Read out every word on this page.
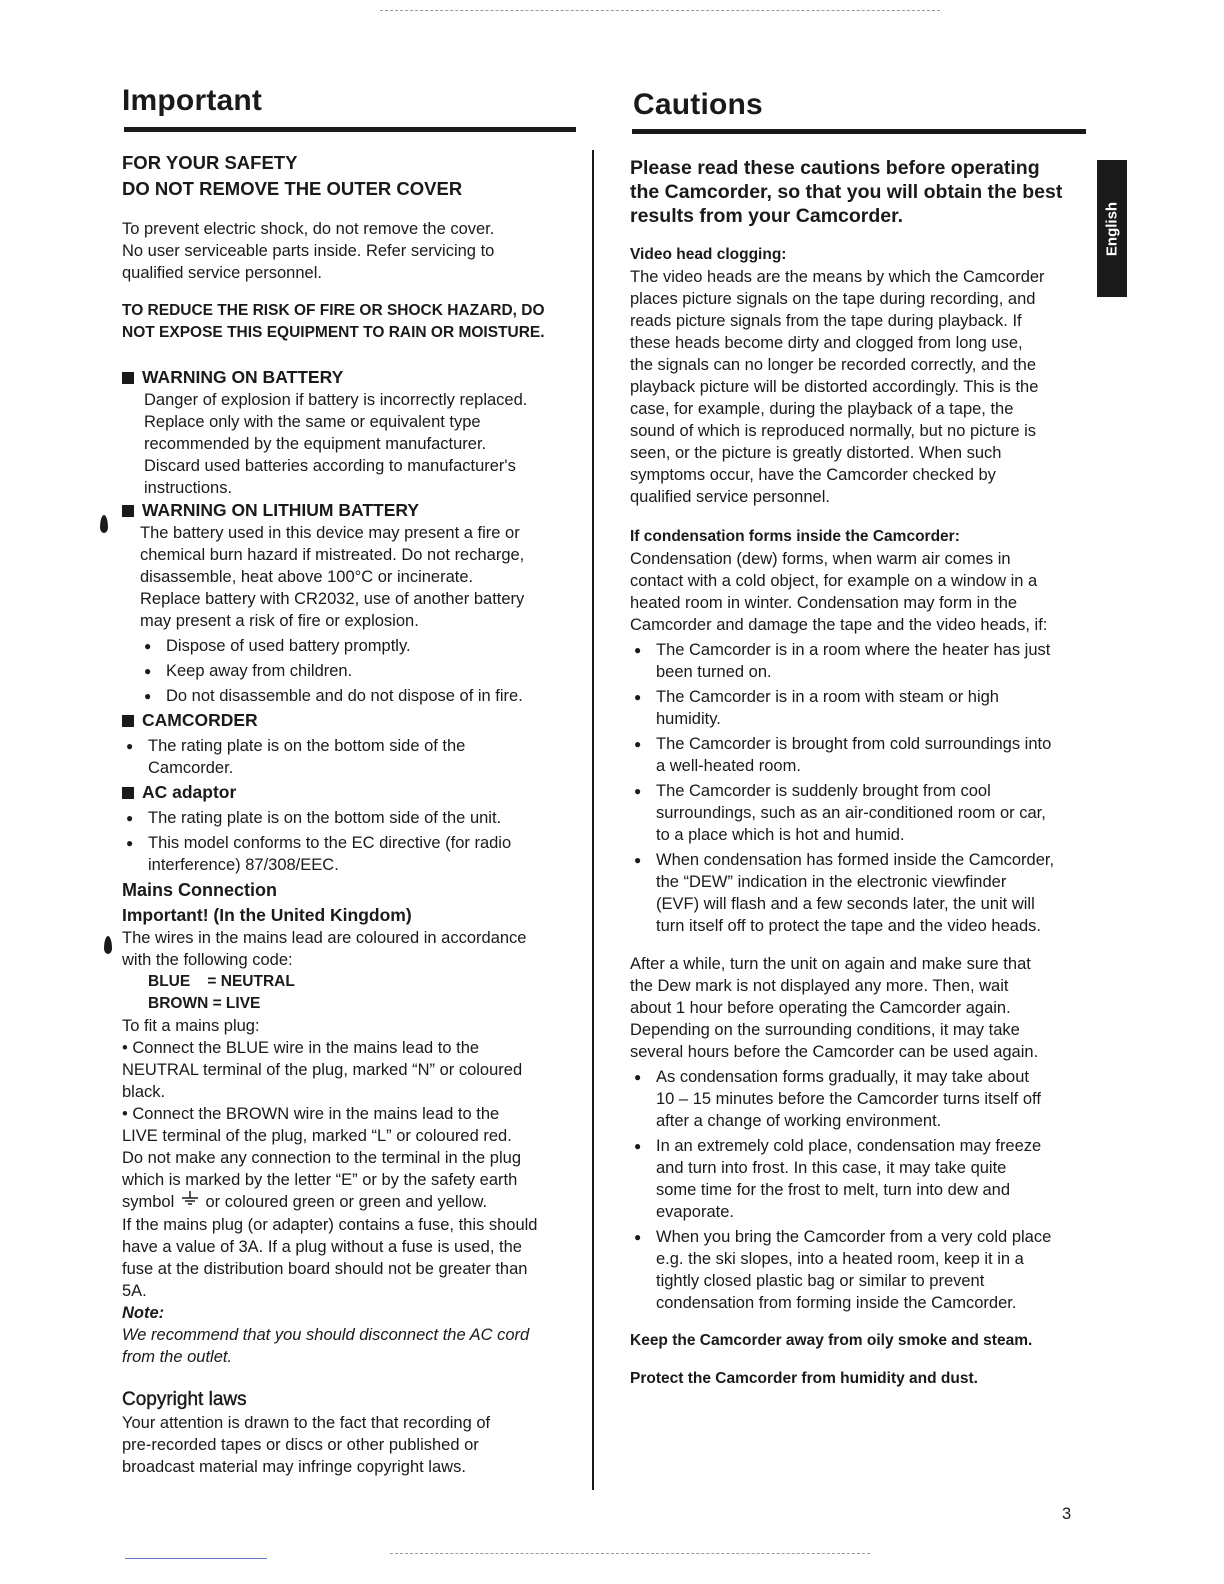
Important

FOR YOUR SAFETY

DO NOT REMOVE THE OUTER COVER

To prevent electric shock, do not remove the cover.

No user serviceable parts inside. Refer servicing to

qualified service personnel.

TO REDUCE THE RISK OF FIRE OR SHOCK HAZARD, DO

NOT EXPOSE THIS EQUIPMENT TO RAIN OR MOISTURE.

WARNING ON BATTERY

Danger of explosion if battery is incorrectly replaced.

Replace only with the same or equivalent type

recommended by the equipment manufacturer.

Discard used batteries according to manufacturer's

instructions.

WARNING ON LITHIUM BATTERY

The battery used in this device may present a fire or

chemical burn hazard if mistreated. Do not recharge,

disassemble, heat above 100°C or incinerate.

Replace battery with CR2032, use of another battery

may present a risk of fire or explosion.

● Dispose of used battery promptly.

● Keep away from children.

● Do not disassemble and do not dispose of in fire.

CAMCORDER

● The rating plate is on the bottom side of the
Camcorder.

AC adaptor

● The rating plate is on the bottom side of the unit.

● This model conforms to the EC directive (for radio
interference) 87/308/EEC.

Mains Connection

Important! (In the United Kingdom)

The wires in the mains lead are coloured in accordance

with the following code:

BLUE    = NEUTRAL

BROWN = LIVE

To fit a mains plug:

• Connect the BLUE wire in the mains lead to the

NEUTRAL terminal of the plug, marked “N” or coloured

black.

• Connect the BROWN wire in the mains lead to the

LIVE terminal of the plug, marked “L” or coloured red.

Do not make any connection to the terminal in the plug

which is marked by the letter “E” or by the safety earth

symbol or coloured green or green and yellow.

If the mains plug (or adapter) contains a fuse, this should

have a value of 3A. If a plug without a fuse is used, the

fuse at the distribution board should not be greater than

5A.

Note:

We recommend that you should disconnect the AC cord

from the outlet.

Copyright laws

Your attention is drawn to the fact that recording of

pre-recorded tapes or discs or other published or

broadcast material may infringe copyright laws.

Cautions
English

Please read these cautions before operating

the Camcorder, so that you will obtain the best

results from your Camcorder.

Video head clogging:

The video heads are the means by which the Camcorder

places picture signals on the tape during recording, and

reads picture signals from the tape during playback. If

these heads become dirty and clogged from long use,

the signals can no longer be recorded correctly, and the

playback picture will be distorted accordingly. This is the

case, for example, during the playback of a tape, the

sound of which is reproduced normally, but no picture is

seen, or the picture is greatly distorted. When such

symptoms occur, have the Camcorder checked by

qualified service personnel.

If condensation forms inside the Camcorder:

Condensation (dew) forms, when warm air comes in

contact with a cold object, for example on a window in a

heated room in winter. Condensation may form in the

Camcorder and damage the tape and the video heads, if:

● The Camcorder is in a room where the heater has just
been turned on.
● The Camcorder is in a room with steam or high
humidity.
● The Camcorder is brought from cold surroundings into
a well-heated room.
● The Camcorder is suddenly brought from cool
surroundings, such as an air-conditioned room or car,
to a place which is hot and humid.
● When condensation has formed inside the Camcorder,
the “DEW” indication in the electronic viewfinder
(EVF) will flash and a few seconds later, the unit will
turn itself off to protect the tape and the video heads.

After a while, turn the unit on again and make sure that

the Dew mark is not displayed any more. Then, wait

about 1 hour before operating the Camcorder again.

Depending on the surrounding conditions, it may take

several hours before the Camcorder can be used again.

● As condensation forms gradually, it may take about
10 – 15 minutes before the Camcorder turns itself off
after a change of working environment.
● In an extremely cold place, condensation may freeze
and turn into frost. In this case, it may take quite
some time for the frost to melt, turn into dew and
evaporate.
● When you bring the Camcorder from a very cold place
e.g. the ski slopes, into a heated room, keep it in a
tightly closed plastic bag or similar to prevent
condensation from forming inside the Camcorder.

Keep the Camcorder away from oily smoke and steam.

Protect the Camcorder from humidity and dust.

3
